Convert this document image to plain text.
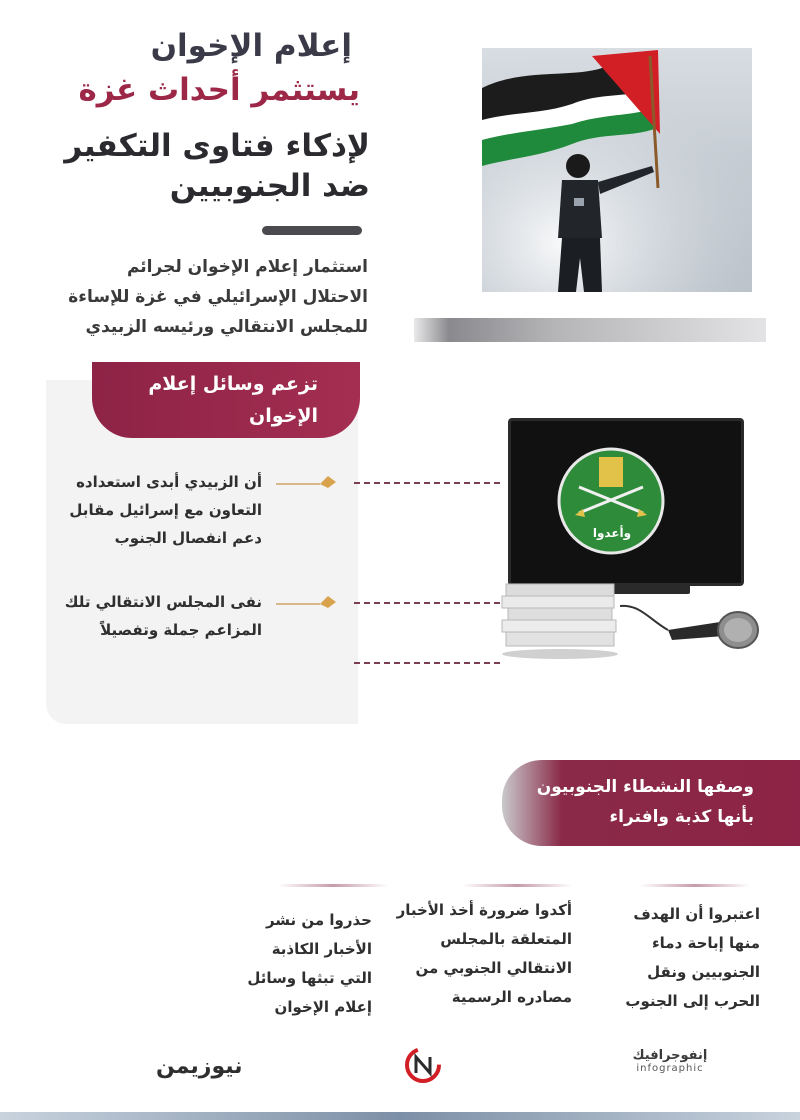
إعلام الإخوان
يستثمر أحداث غزة
لإذكاء فتاوى التكفير
ضد الجنوبيين
استثمار إعلام الإخوان لجرائم
الاحتلال الإسرائيلي في غزة للإساءة
للمجلس الانتقالي ورئيسه الزبيدي
تزعم وسائل إعلام
الإخوان
أن الزبيدي أبدى استعداده
التعاون مع إسرائيل مقابل
دعم انفصال الجنوب
نفى المجلس الانتقالي تلك
المزاعم جملة وتفصيلاً
وأعدوا
وصفها النشطاء الجنوبيون
بأنها كذبة وافتراء
اعتبروا أن الهدف
منها إباحة دماء
الجنوبيين ونقل
الحرب إلى الجنوب
أكدوا ضرورة أخذ الأخبار
المتعلقة بالمجلس
الانتقالي الجنوبي من
مصادره الرسمية
حذروا من نشر
الأخبار الكاذبة
التي تبثها وسائل
إعلام الإخوان
نيوزيمن	إنفوجرافيك
infographic
